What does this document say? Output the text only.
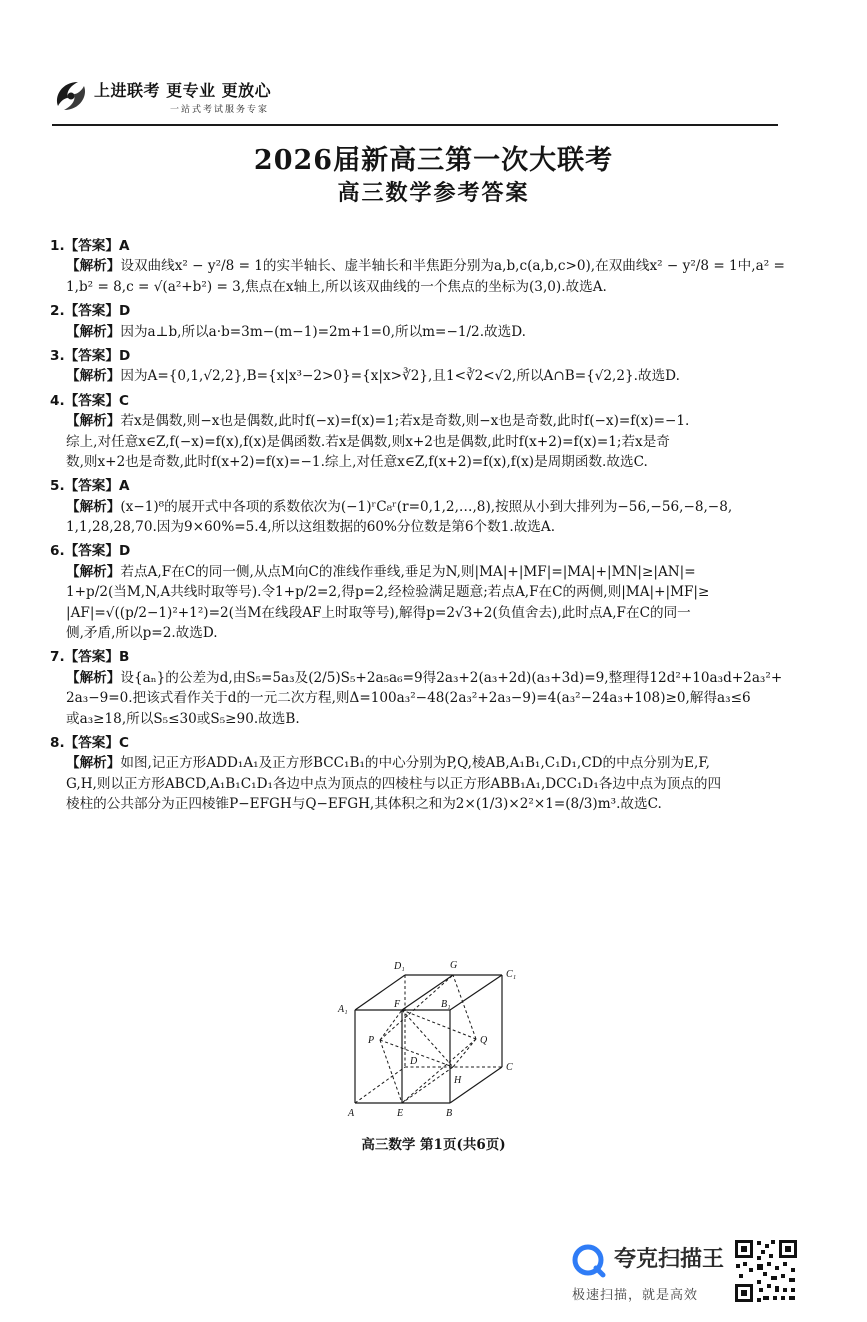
上进联考 更专业 更放心
一站式考试服务专家
2026届新高三第一次大联考
高三数学参考答案
1.【答案】A
【解析】设双曲线x² − y²/8 = 1的实半轴长、虚半轴长和半焦距分别为a,b,c(a,b,c>0),在双曲线x² − y²/8 = 1中,a² =
1,b² = 8,c = √(a²+b²) = 3,焦点在x轴上,所以该双曲线的一个焦点的坐标为(3,0).故选A.
2.【答案】D
【解析】因为a⊥b,所以a·b=3m−(m−1)=2m+1=0,所以m=−1/2.故选D.
3.【答案】D
【解析】因为A={0,1,√2,2},B={x|x³−2>0}={x|x>∛2},且1<∛2<√2,所以A∩B={√2,2}.故选D.
4.【答案】C
【解析】若x是偶数,则−x也是偶数,此时f(−x)=f(x)=1;若x是奇数,则−x也是奇数,此时f(−x)=f(x)=−1.
综上,对任意x∈Z,f(−x)=f(x),f(x)是偶函数.若x是偶数,则x+2也是偶数,此时f(x+2)=f(x)=1;若x是奇
数,则x+2也是奇数,此时f(x+2)=f(x)=−1.综上,对任意x∈Z,f(x+2)=f(x),f(x)是周期函数.故选C.
5.【答案】A
【解析】(x−1)⁸的展开式中各项的系数依次为(−1)ʳC₈ʳ(r=0,1,2,…,8),按照从小到大排列为−56,−56,−8,−8,
1,1,28,28,70.因为9×60%=5.4,所以这组数据的60%分位数是第6个数1.故选A.
6.【答案】D
【解析】若点A,F在C的同一侧,从点M向C的准线作垂线,垂足为N,则|MA|+|MF|=|MA|+|MN|≥|AN|=
1+p/2(当M,N,A共线时取等号).令1+p/2=2,得p=2,经检验满足题意;若点A,F在C的两侧,则|MA|+|MF|≥
|AF|=√((p/2−1)²+1²)=2(当M在线段AF上时取等号),解得p=2√3+2(负值舍去),此时点A,F在C的同一
侧,矛盾,所以p=2.故选D.
7.【答案】B
【解析】设{aₙ}的公差为d,由S₅=5a₃及(2/5)S₅+2a₅a₆=9得2a₃+2(a₃+2d)(a₃+3d)=9,整理得12d²+10a₃d+2a₃²+
2a₃−9=0.把该式看作关于d的一元二次方程,则Δ=100a₃²−48(2a₃²+2a₃−9)=4(a₃²−24a₃+108)≥0,解得a₃≤6
或a₃≥18,所以S₅≤30或S₅≥90.故选B.
8.【答案】C
【解析】如图,记正方形ADD₁A₁及正方形BCC₁B₁的中心分别为P,Q,棱AB,A₁B₁,C₁D₁,CD的中点分别为E,F,
G,H,则以正方形ABCD,A₁B₁C₁D₁各边中点为顶点的四棱柱与以正方形ABB₁A₁,DCC₁D₁各边中点为顶点的四
棱柱的公共部分为正四棱锥P−EFGH与Q−EFGH,其体积之和为2×(1/3)×2²×1=(8/3)m³.故选C.
D₁	G
C₁
A₁	F	B₁
P	Q
D
C
H
A	E	B
高三数学 第1页(共6页)
夸克扫描王
极速扫描，就是高效
